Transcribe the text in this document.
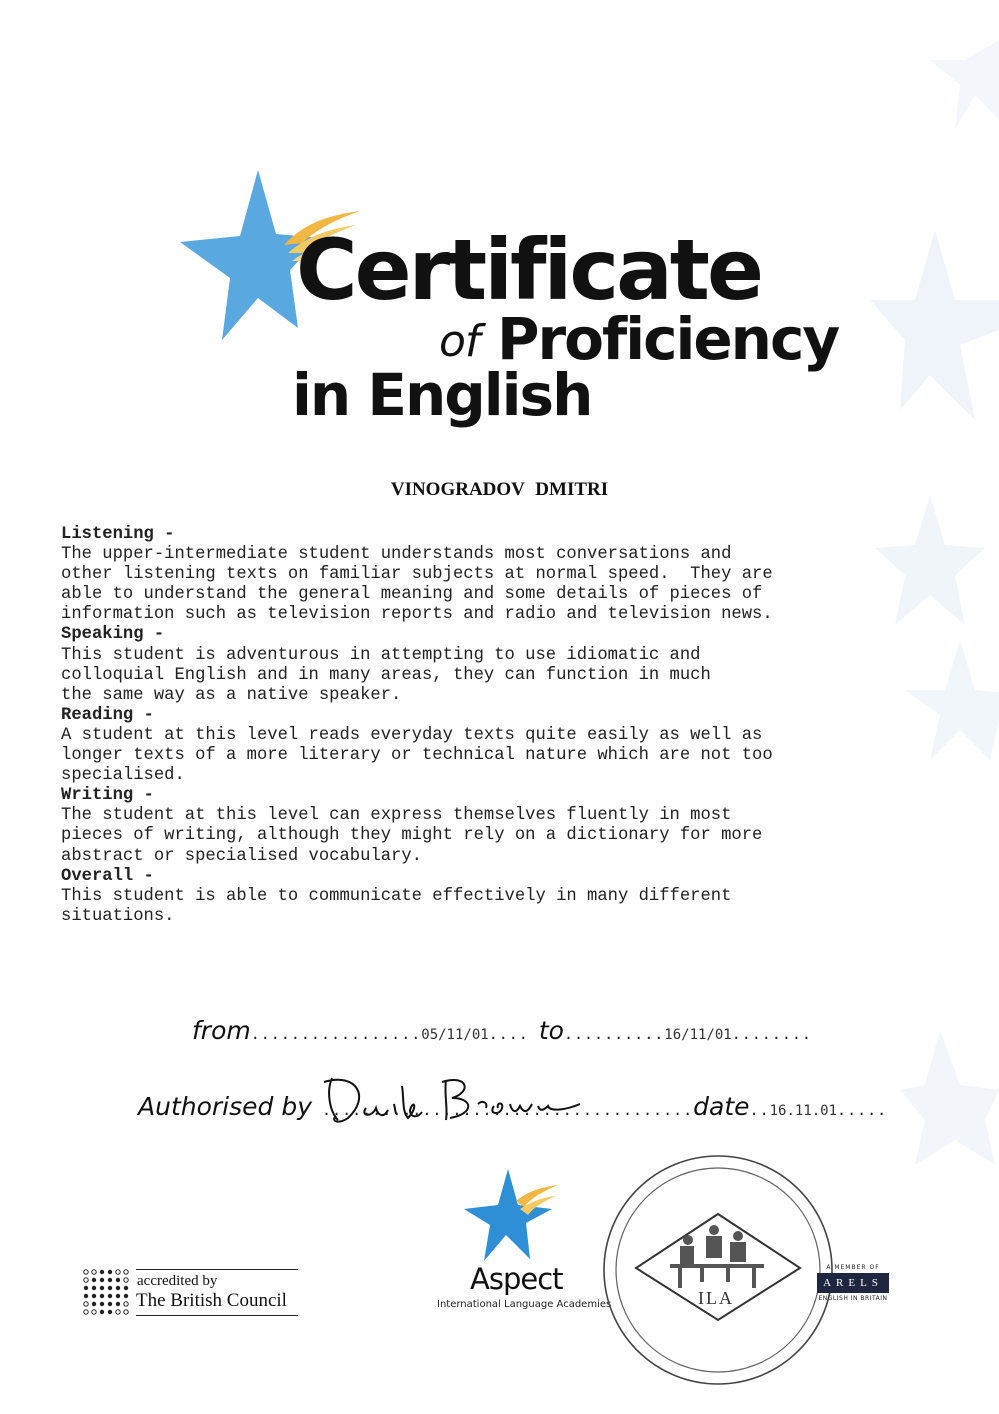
Certificate
of Proficiency
in English
VINOGRADOV DMITRI
Listening -
The upper-intermediate student understands most conversations and
other listening texts on familiar subjects at normal speed.  They are
able to understand the general meaning and some details of pieces of
information such as television reports and radio and television news.
Speaking -
This student is adventurous in attempting to use idiomatic and
colloquial English and in many areas, they can function in much
the same way as a native speaker.
Reading -
A student at this level reads everyday texts quite easily as well as
longer texts of a more literary or technical nature which are not too
specialised.
Writing -
The student at this level can express themselves fluently in most
pieces of writing, although they might rely on a dictionary for more
abstract or specialised vocabulary.
Overall -
This student is able to communicate effectively in many different
situations.
from.................05/11/01.... to..........16/11/01........
Authorised by .....................................date..16.11.01.....
accredited by
The British Council
Aspect
International Language Academies	ILA
A MEMBER OF
ARELS
ENGLISH IN BRITAIN
